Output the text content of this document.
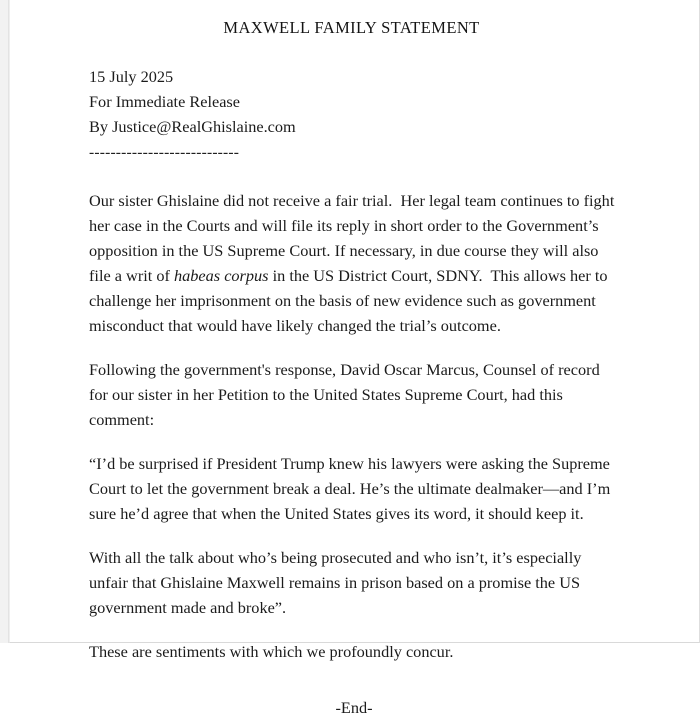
MAXWELL FAMILY STATEMENT

15 July 2025

For Immediate Release

By Justice@RealGhislaine.com

----------------------------

Our sister Ghislaine did not receive a fair trial.  Her legal team continues to fight her case in the Courts and will file its reply in short order to the Government’s opposition in the US Supreme Court. If necessary, in due course they will also file a writ of habeas corpus in the US District Court, SDNY.  This allows her to challenge her imprisonment on the basis of new evidence such as government misconduct that would have likely changed the trial’s outcome.

Following the government's response, David Oscar Marcus, Counsel of record for our sister in her Petition to the United States Supreme Court, had this comment:

“I’d be surprised if President Trump knew his lawyers were asking the Supreme Court to let the government break a deal. He’s the ultimate dealmaker—and I’m sure he’d agree that when the United States gives its word, it should keep it.

With all the talk about who’s being prosecuted and who isn’t, it’s especially unfair that Ghislaine Maxwell remains in prison based on a promise the US government made and broke”.

These are sentiments with which we profoundly concur.

-End-
